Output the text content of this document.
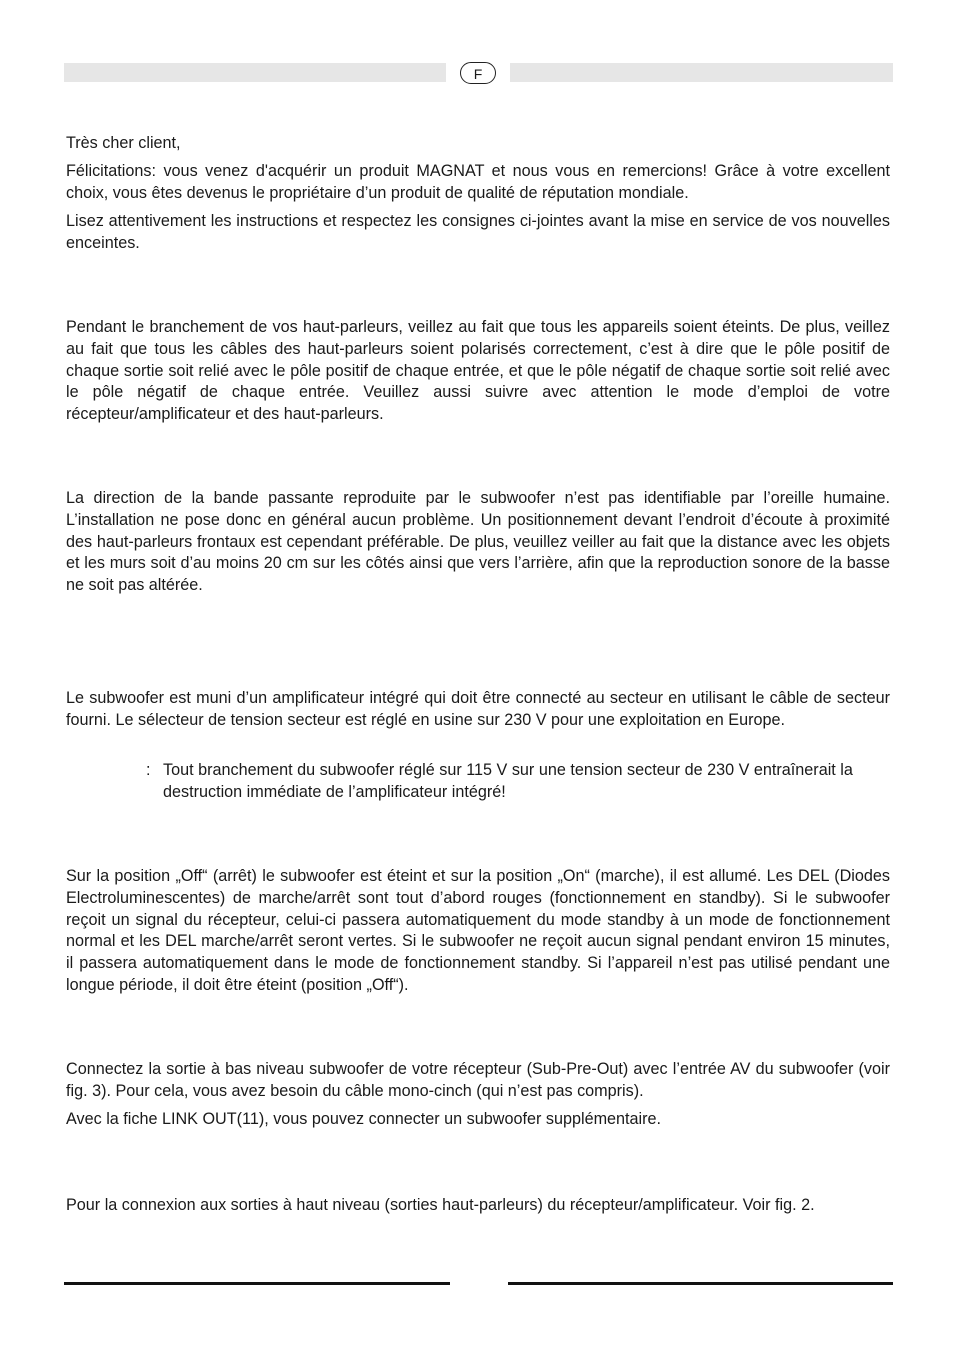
F

Très cher client,

Félicitations: vous venez d'acquérir un produit MAGNAT et nous vous en remercions! Grâce à votre excellent choix, vous êtes devenus le propriétaire d’un produit de qualité de réputation mondiale.

Lisez attentivement les instructions et respectez les consignes ci-jointes avant la mise en service de vos nouvelles enceintes.

Pendant le branchement de vos haut-parleurs, veillez au fait que tous les appareils soient éteints. De plus, veillez au fait que tous les câbles des haut-parleurs soient polarisés correctement, c’est à dire que le pôle positif de chaque sortie soit relié avec le pôle positif de chaque entrée, et que le pôle négatif de chaque sortie soit relié avec le pôle négatif de chaque entrée. Veuillez aussi suivre avec attention le mode d’emploi de votre récepteur/amplificateur et des haut-parleurs.

La direction de la bande passante reproduite par le subwoofer n’est pas identifiable par l’oreille humaine. L’installation ne pose donc en général aucun problème. Un positionnement devant l’endroit d’écoute à proximité des haut-parleurs frontaux est cependant préférable. De plus, veuillez veiller au fait que la distance avec les objets et les murs soit d’au moins 20 cm sur les côtés ainsi que vers l’arrière, afin que la reproduction sonore de la basse ne soit pas altérée.

Le subwoofer est muni d’un amplificateur intégré qui doit être connecté au secteur en utilisant le câble de secteur fourni. Le sélecteur de tension secteur est réglé en usine sur 230 V pour une exploitation en Europe.

: Tout branchement du subwoofer réglé sur 115 V sur une tension secteur de 230 V entraînerait la destruction immédiate de l’amplificateur intégré!

Sur la position „Off“ (arrêt) le subwoofer est éteint et sur la position „On“ (marche), il est allumé. Les DEL (Diodes Electroluminescentes) de marche/arrêt sont tout d’abord rouges (fonctionnement en standby). Si le subwoofer reçoit un signal du récepteur, celui-ci passera automatiquement du mode standby à un mode de fonctionnement normal et les DEL marche/arrêt seront vertes. Si le subwoofer ne reçoit aucun signal pendant environ 15 minutes, il passera automatiquement dans le mode de fonctionnement standby. Si l’appareil n’est pas utilisé pendant une longue période, il doit être éteint (position „Off“).

Connectez la sortie à bas niveau subwoofer de votre récepteur (Sub-Pre-Out) avec l’entrée AV du subwoofer (voir fig. 3). Pour cela, vous avez besoin du câble mono-cinch (qui n’est pas compris).

Avec la fiche LINK OUT(11), vous pouvez connecter un subwoofer supplémentaire.

Pour la connexion aux sorties à haut niveau (sorties haut-parleurs) du récepteur/amplificateur. Voir fig. 2.
